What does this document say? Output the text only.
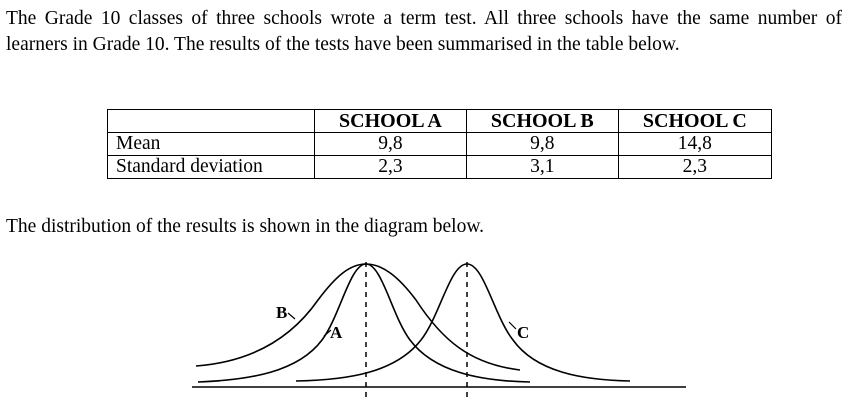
The Grade 10 classes of three schools wrote a term test. All three schools have the same number of learners in Grade 10. The results of the tests have been summarised in the table below.

	SCHOOL A	SCHOOL B	SCHOOL C
Mean	9,8	9,8	14,8
Standard deviation	2,3	3,1	2,3

The distribution of the results is shown in the diagram below.

B
A	C
